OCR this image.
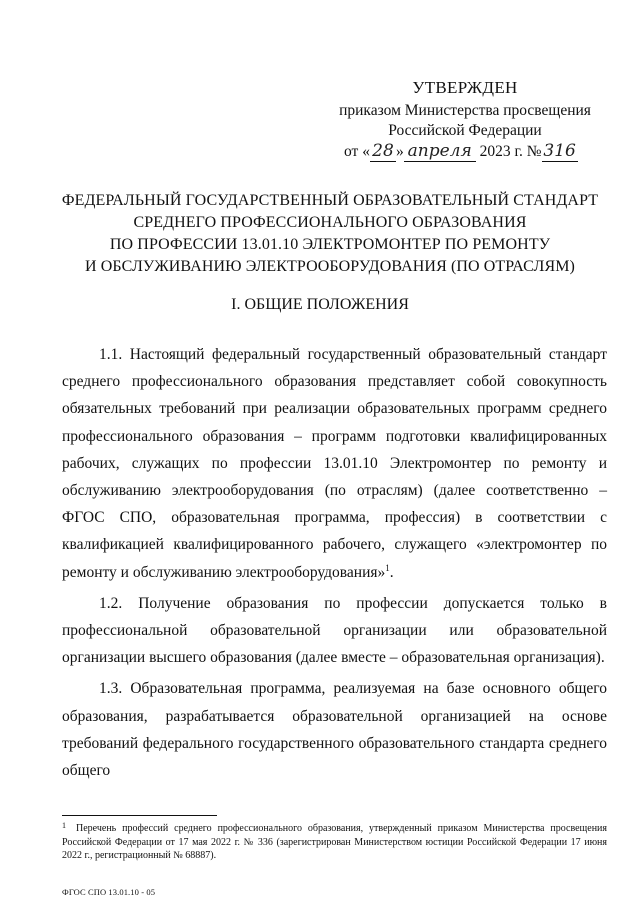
УТВЕРЖДЕН
приказом Министерства просвещения
Российской Федерации
от « 28 » апреля 2023 г. № 316
ФЕДЕРАЛЬНЫЙ ГОСУДАРСТВЕННЫЙ ОБРАЗОВАТЕЛЬНЫЙ СТАНДАРТ
СРЕДНЕГО ПРОФЕССИОНАЛЬНОГО ОБРАЗОВАНИЯ
ПО ПРОФЕССИИ 13.01.10 ЭЛЕКТРОМОНТЕР ПО РЕМОНТУ
И ОБСЛУЖИВАНИЮ ЭЛЕКТРООБОРУДОВАНИЯ (ПО ОТРАСЛЯМ)
I. ОБЩИЕ ПОЛОЖЕНИЯ

1.1. Настоящий федеральный государственный образовательный стандарт среднего профессионального образования представляет собой совокупность обязательных требований при реализации образовательных программ среднего профессионального образования – программ подготовки квалифицированных рабочих, служащих по профессии 13.01.10 Электромонтер по ремонту и обслуживанию электрооборудования (по отраслям) (далее соответственно – ФГОС СПО, образовательная программа, профессия) в соответствии с квалификацией квалифицированного рабочего, служащего «электромонтер по ремонту и обслуживанию электрооборудования»$^1$.

1.2. Получение образования по профессии допускается только в профессиональной образовательной организации или образовательной организации высшего образования (далее вместе – образовательная организация).

1.3. Образовательная программа, реализуемая на базе основного общего образования, разрабатывается образовательной организацией на основе требований федерального государственного образовательного стандарта среднего общего

$^1$ Перечень профессий среднего профессионального образования, утвержденный приказом Министерства просвещения Российской Федерации от 17 мая 2022 г. № 336 (зарегистрирован Министерством юстиции Российской Федерации 17 июня 2022 г., регистрационный № 68887).
ФГОС СПО 13.01.10 - 05
